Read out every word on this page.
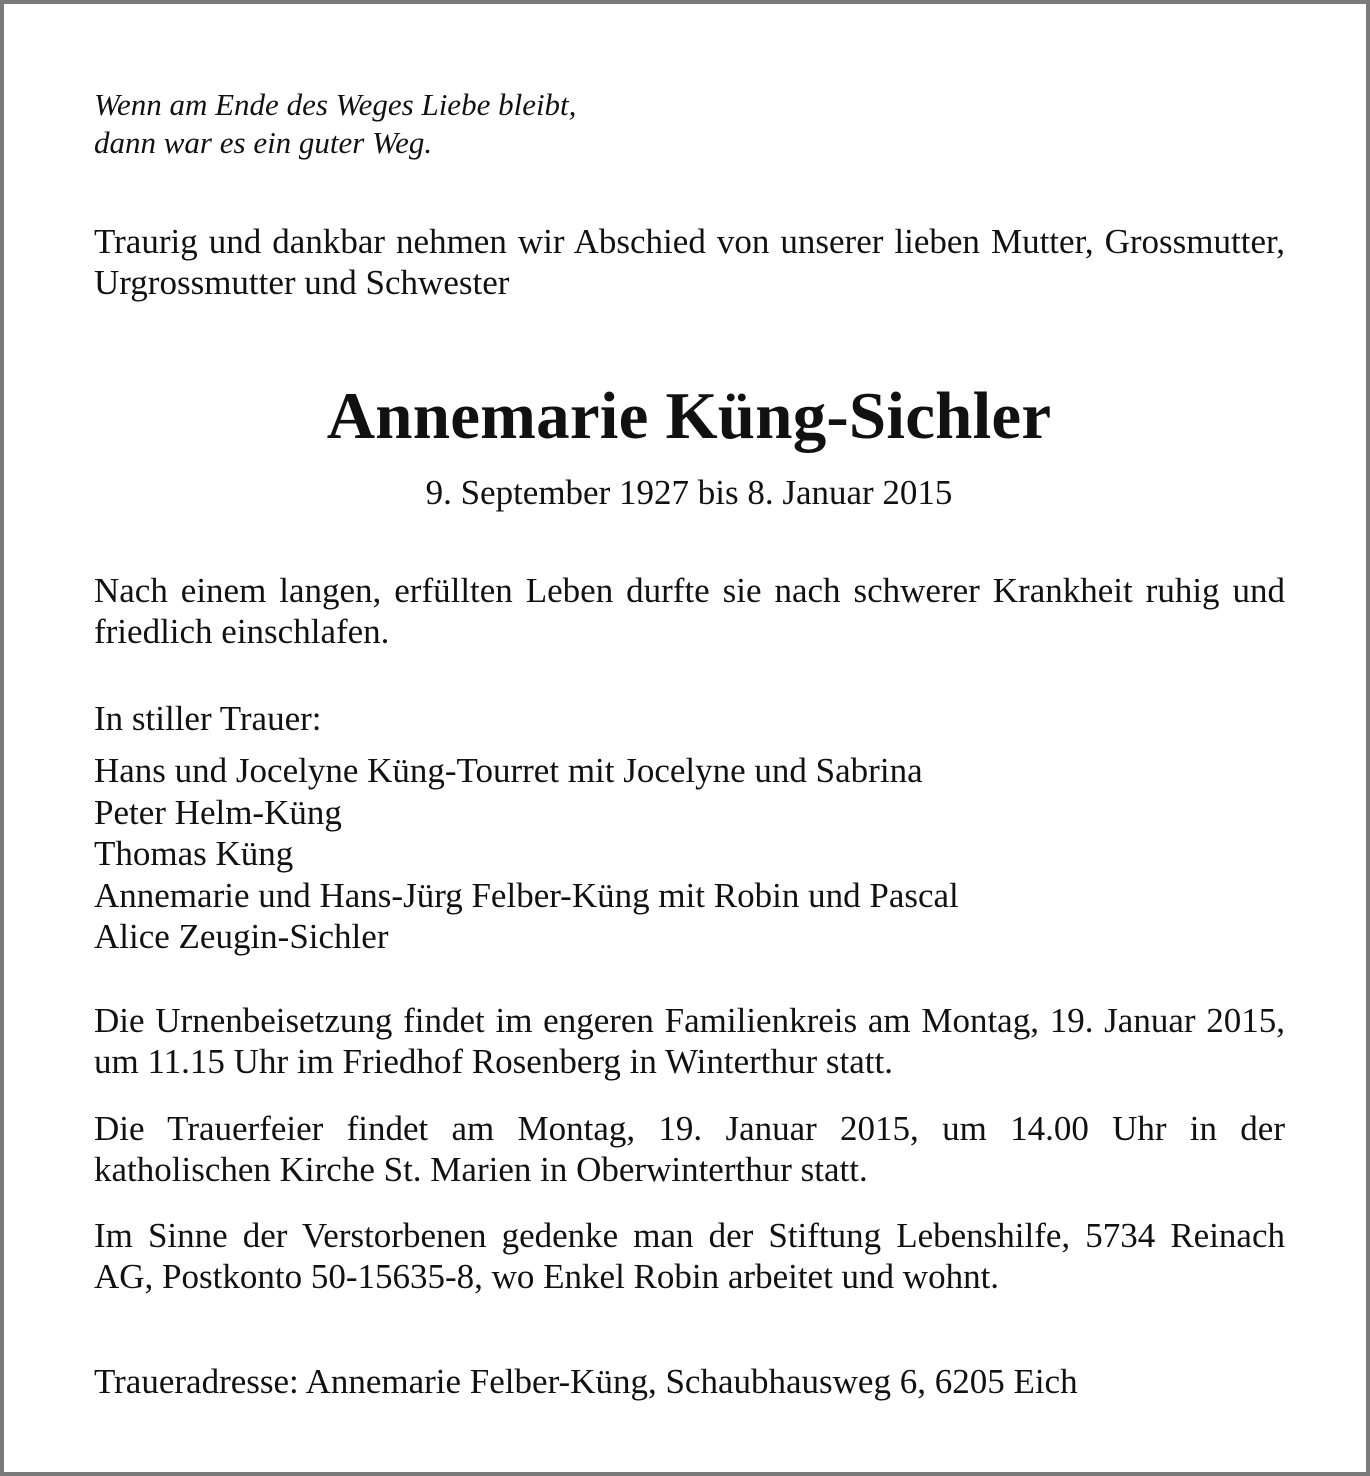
Wenn am Ende des Weges Liebe bleibt,
dann war es ein guter Weg.
Traurig und dankbar nehmen wir Abschied von unserer lieben Mutter, Grossmutter, Urgrossmutter und Schwester
Annemarie Küng-Sichler
9. September 1927 bis 8. Januar 2015
Nach einem langen, erfüllten Leben durfte sie nach schwerer Krankheit ruhig und friedlich einschlafen.
In stiller Trauer:
Hans und Jocelyne Küng-Tourret mit Jocelyne und Sabrina
Peter Helm-Küng
Thomas Küng
Annemarie und Hans-Jürg Felber-Küng mit Robin und Pascal
Alice Zeugin-Sichler
Die Urnenbeisetzung findet im engeren Familienkreis am Montag, 19. Januar 2015, um 11.15 Uhr im Friedhof Rosenberg in Winterthur statt.
Die Trauerfeier findet am Montag, 19. Januar 2015, um 14.00 Uhr in der katholischen Kirche St. Marien in Oberwinterthur statt.
Im Sinne der Verstorbenen gedenke man der Stiftung Lebenshilfe, 5734 Reinach AG, Postkonto 50-15635-8, wo Enkel Robin arbeitet und wohnt.
Traueradresse: Annemarie Felber-Küng, Schaubhausweg 6, 6205 Eich
